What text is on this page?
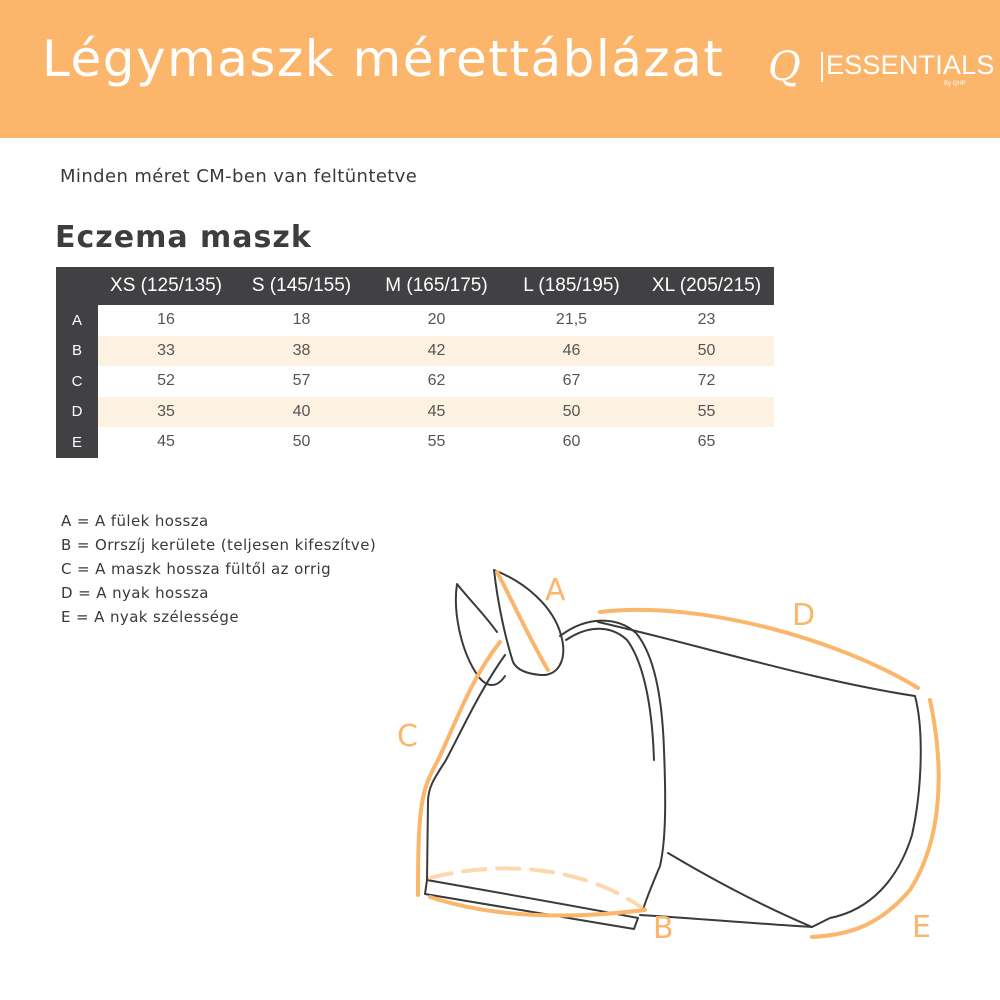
Légymaszk mérettáblázat Q ESSENTIALS
By QHP
Minden méret CM-ben van feltüntetve
Eczema maszk
	XS (125/135)	S (145/155)	M (165/175)	L (185/195)	XL (205/215)
A	16	18	20	21,5	23
B	33	38	42	46	50
C	52	57	62	67	72
D	35	40	45	50	55
E	45	50	55	60	65
A = A fülek hossza
B = Orrszíj kerülete (teljesen kifeszítve)
C = A maszk hossza fültől az orrig
D = A nyak hossza
E = A nyak szélessége
A
B
C
D
E
